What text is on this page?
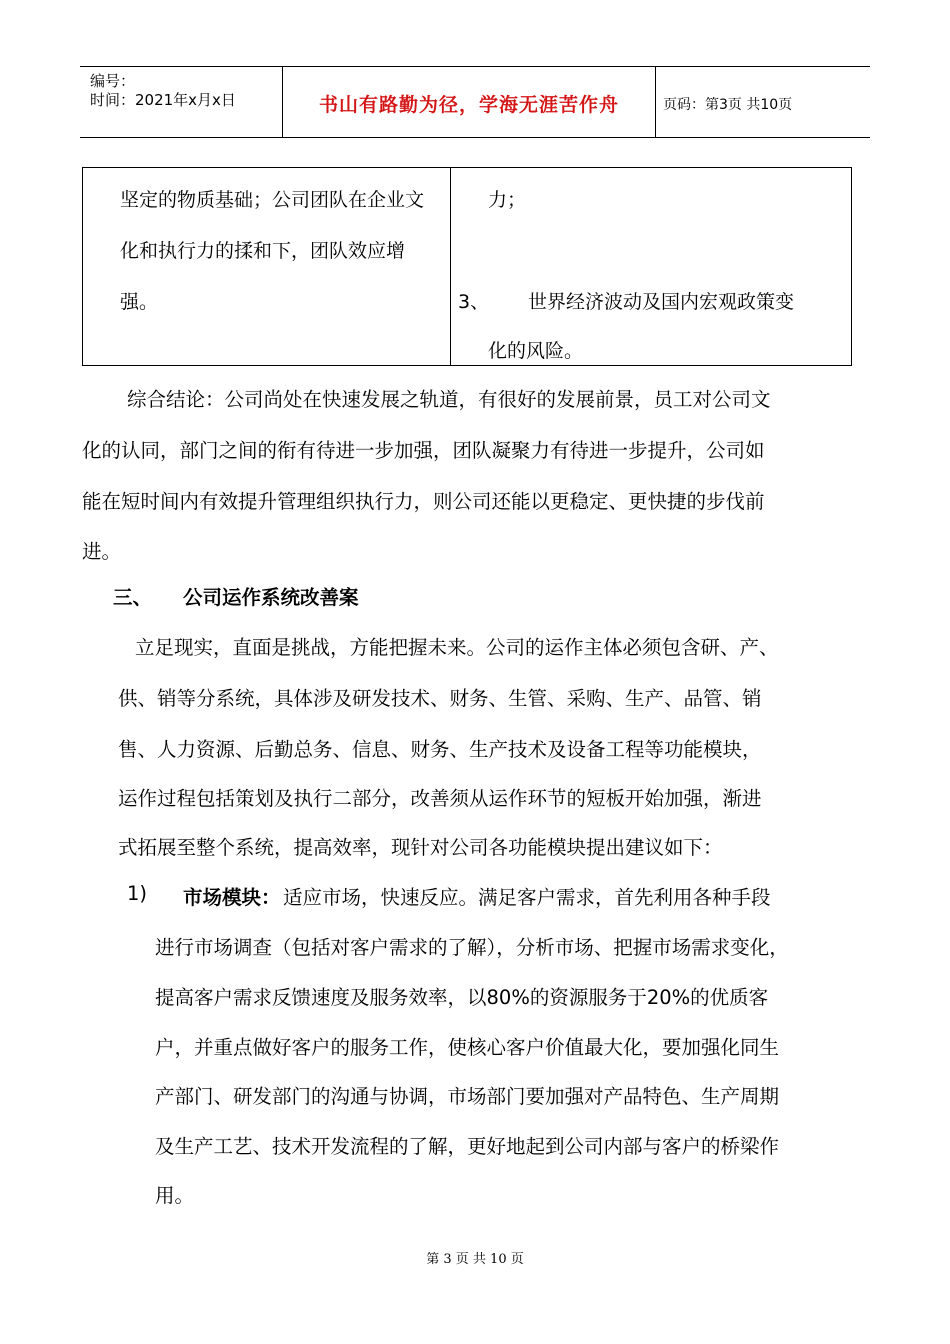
编号：
时间：2021年x月x日	书山有路勤为径，学海无涯苦作舟	页码：第3页 共10页
坚定的物质基础；公司团队在企业文
化和执行力的揉和下，团队效应增
强。
力；
3、 世界经济波动及国内宏观政策变
化的风险。
综合结论：公司尚处在快速发展之轨道，有很好的发展前景，员工对公司文
化的认同，部门之间的衔有待进一步加强，团队凝聚力有待进一步提升，公司如
能在短时间内有效提升管理组织执行力，则公司还能以更稳定、更快捷的步伐前
进。
三、 公司运作系统改善案
立足现实，直面是挑战，方能把握未来。公司的运作主体必须包含研、产、
供、销等分系统，具体涉及研发技术、财务、生管、采购、生产、品管、销
售、人力资源、后勤总务、信息、财务、生产技术及设备工程等功能模块，
运作过程包括策划及执行二部分，改善须从运作环节的短板开始加强，渐进
式拓展至整个系统，提高效率，现针对公司各功能模块提出建议如下：
1) 市场模块： 适应市场，快速反应。满足客户需求，首先利用各种手段
进行市场调查（包括对客户需求的了解），分析市场、把握市场需求变化，
提高客户需求反馈速度及服务效率，以80%的资源服务于20%的优质客
户，并重点做好客户的服务工作，使核心客户价值最大化，要加强化同生
产部门、研发部门的沟通与协调，市场部门要加强对产品特色、生产周期
及生产工艺、技术开发流程的了解，更好地起到公司内部与客户的桥梁作
用。
第 3 页 共 10 页
